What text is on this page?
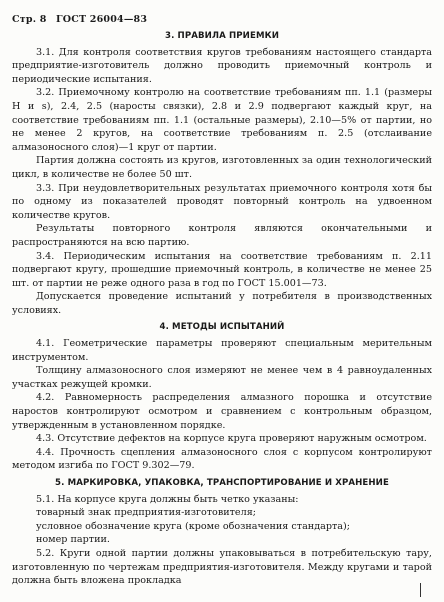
Стр. 8 ГОСТ 26004—83
3. ПРАВИЛА ПРИЕМКИ

3.1. Для контроля соответствия кругов требованиям настоящего стандарта предприятие-изготовитель должно проводить приемочный контроль и периодические испытания.

3.2. Приемочному контролю на соответствие требованиям пп. 1.1 (размеры H и s), 2.4, 2.5 (наросты связки), 2.8 и 2.9 подвергают каждый круг, на соответствие требованиям пп. 1.1 (остальные размеры), 2.10—5% от партии, но не менее 2 кругов, на соответствие требованиям п. 2.5 (отслаивание алмазоносного слоя)—1 круг от партии.

Партия должна состоять из кругов, изготовленных за один технологический цикл, в количестве не более 50 шт.

3.3. При неудовлетворительных результатах приемочного контроля хотя бы по одному из показателей проводят повторный контроль на удвоенном количестве кругов.

Результаты повторного контроля являются окончательными и распространяются на всю партию.

3.4. Периодическим испытания на соответствие требованиям п. 2.11 подвергают кругу, прошедшие приемочный контроль, в количестве не менее 25 шт. от партии не реже одного раза в год по ГОСТ 15.001—73.

Допускается проведение испытаний у потребителя в производственных условиях.

4. МЕТОДЫ ИСПЫТАНИЙ

4.1. Геометрические параметры проверяют специальным мерительным инструментом.

Толщину алмазоносного слоя измеряют не менее чем в 4 равноудаленных участках режущей кромки.

4.2. Равномерность распределения алмазного порошка и отсутствие наростов контролируют осмотром и сравнением с контрольным образцом, утвержденным в установленном порядке.

4.3. Отсутствие дефектов на корпусе круга проверяют наружным осмотром.

4.4. Прочность сцепления алмазоносного слоя с корпусом контролируют методом изгиба по ГОСТ 9.302—79.

5. МАРКИРОВКА, УПАКОВКА, ТРАНСПОРТИРОВАНИЕ И ХРАНЕНИЕ

5.1. На корпусе круга должны быть четко указаны:

товарный знак предприятия-изготовителя;

условное обозначение круга (кроме обозначения стандарта);

номер партии.

5.2. Круги одной партии должны упаковываться в потребительскую тару, изготовленную по чертежам предприятия-изготовителя. Между кругами и тарой должна быть вложена прокладка
